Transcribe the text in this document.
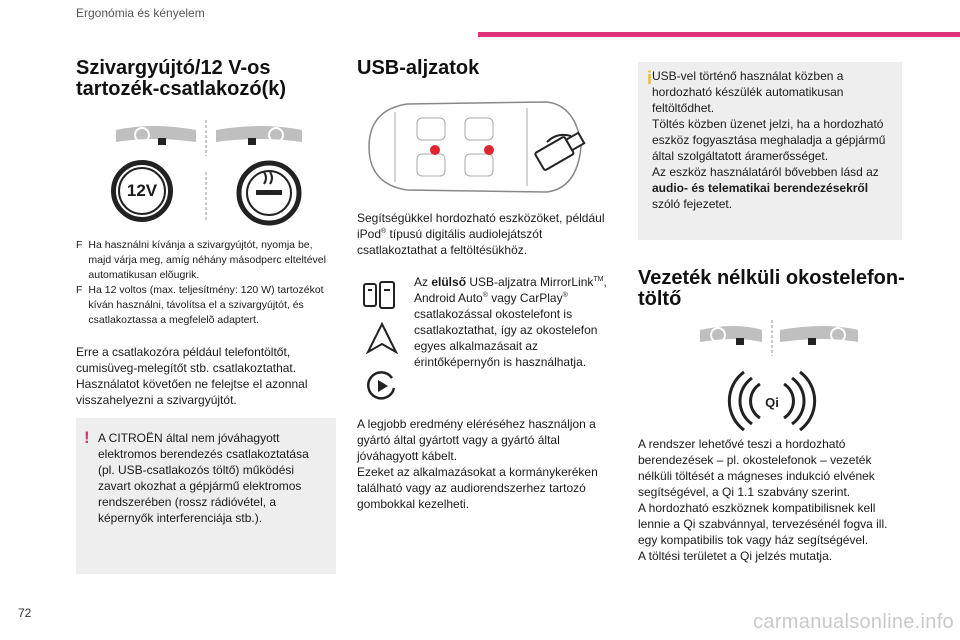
Ergonómia és kényelem
Szivargyújtó/12 V-os tartozék-csatlakozó(k)
12V
F Ha használni kívánja a szivargyújtót, nyomja be, majd várja meg, amíg néhány másodperc elteltével automatikusan elõugrik.
F Ha 12 voltos (max. teljesítmény: 120 W) tartozékot kíván használni, távolítsa el a szivargyújtót, és csatlakoztassa a megfelelõ adaptert.
Erre a csatlakozóra például telefontöltőt, cumisüveg-melegítőt stb. csatlakoztathat. Használatot követően ne felejtse el azonnal visszahelyezni a szivargyújtót.
! A CITROËN által nem jóváhagyott elektromos berendezés csatlakoztatása (pl. USB-csatlakozós töltő) működési zavart okozhat a gépjármű elektromos rendszerében (rossz rádióvétel, a képernyők interferenciája stb.).
USB-aljzatok
Segítségükkel hordozható eszközöket, például iPod® típusú digitális audiolejátszót csatlakoztathat a feltöltésükhöz.
Az elülső USB-aljzatra MirrorLink™, Android Auto® vagy CarPlay® csatlakozással okostelefont is csatlakoztathat, így az okostelefon egyes alkalmazásait az érintőképernyőn is használhatja.
A legjobb eredmény eléréséhez használjon a gyártó által gyártott vagy a gyártó által jóváhagyott kábelt.
Ezeket az alkalmazásokat a kormánykeréken található vagy az audiorendszerhez tartozó gombokkal kezelheti.
i USB-vel történő használat közben a hordozható készülék automatikusan feltöltődhet.
Töltés közben üzenet jelzi, ha a hordozható eszköz fogyasztása meghaladja a gépjármű által szolgáltatott áramerősséget.
Az eszköz használatáról bővebben lásd az audio- és telematikai berendezésekről szóló fejezetet.
Vezeték nélküli okostelefon-töltő
Qi
A rendszer lehetővé teszi a hordozható berendezések – pl. okostelefonok – vezeték nélküli töltését a mágneses indukció elvének segítségével, a Qi 1.1 szabvány szerint.
A hordozható eszköznek kompatibilisnek kell lennie a Qi szabvánnyal, tervezésénél fogva ill. egy kompatibilis tok vagy ház segítségével.
A töltési területet a Qi jelzés mutatja.
72	carmanualsonline.info
